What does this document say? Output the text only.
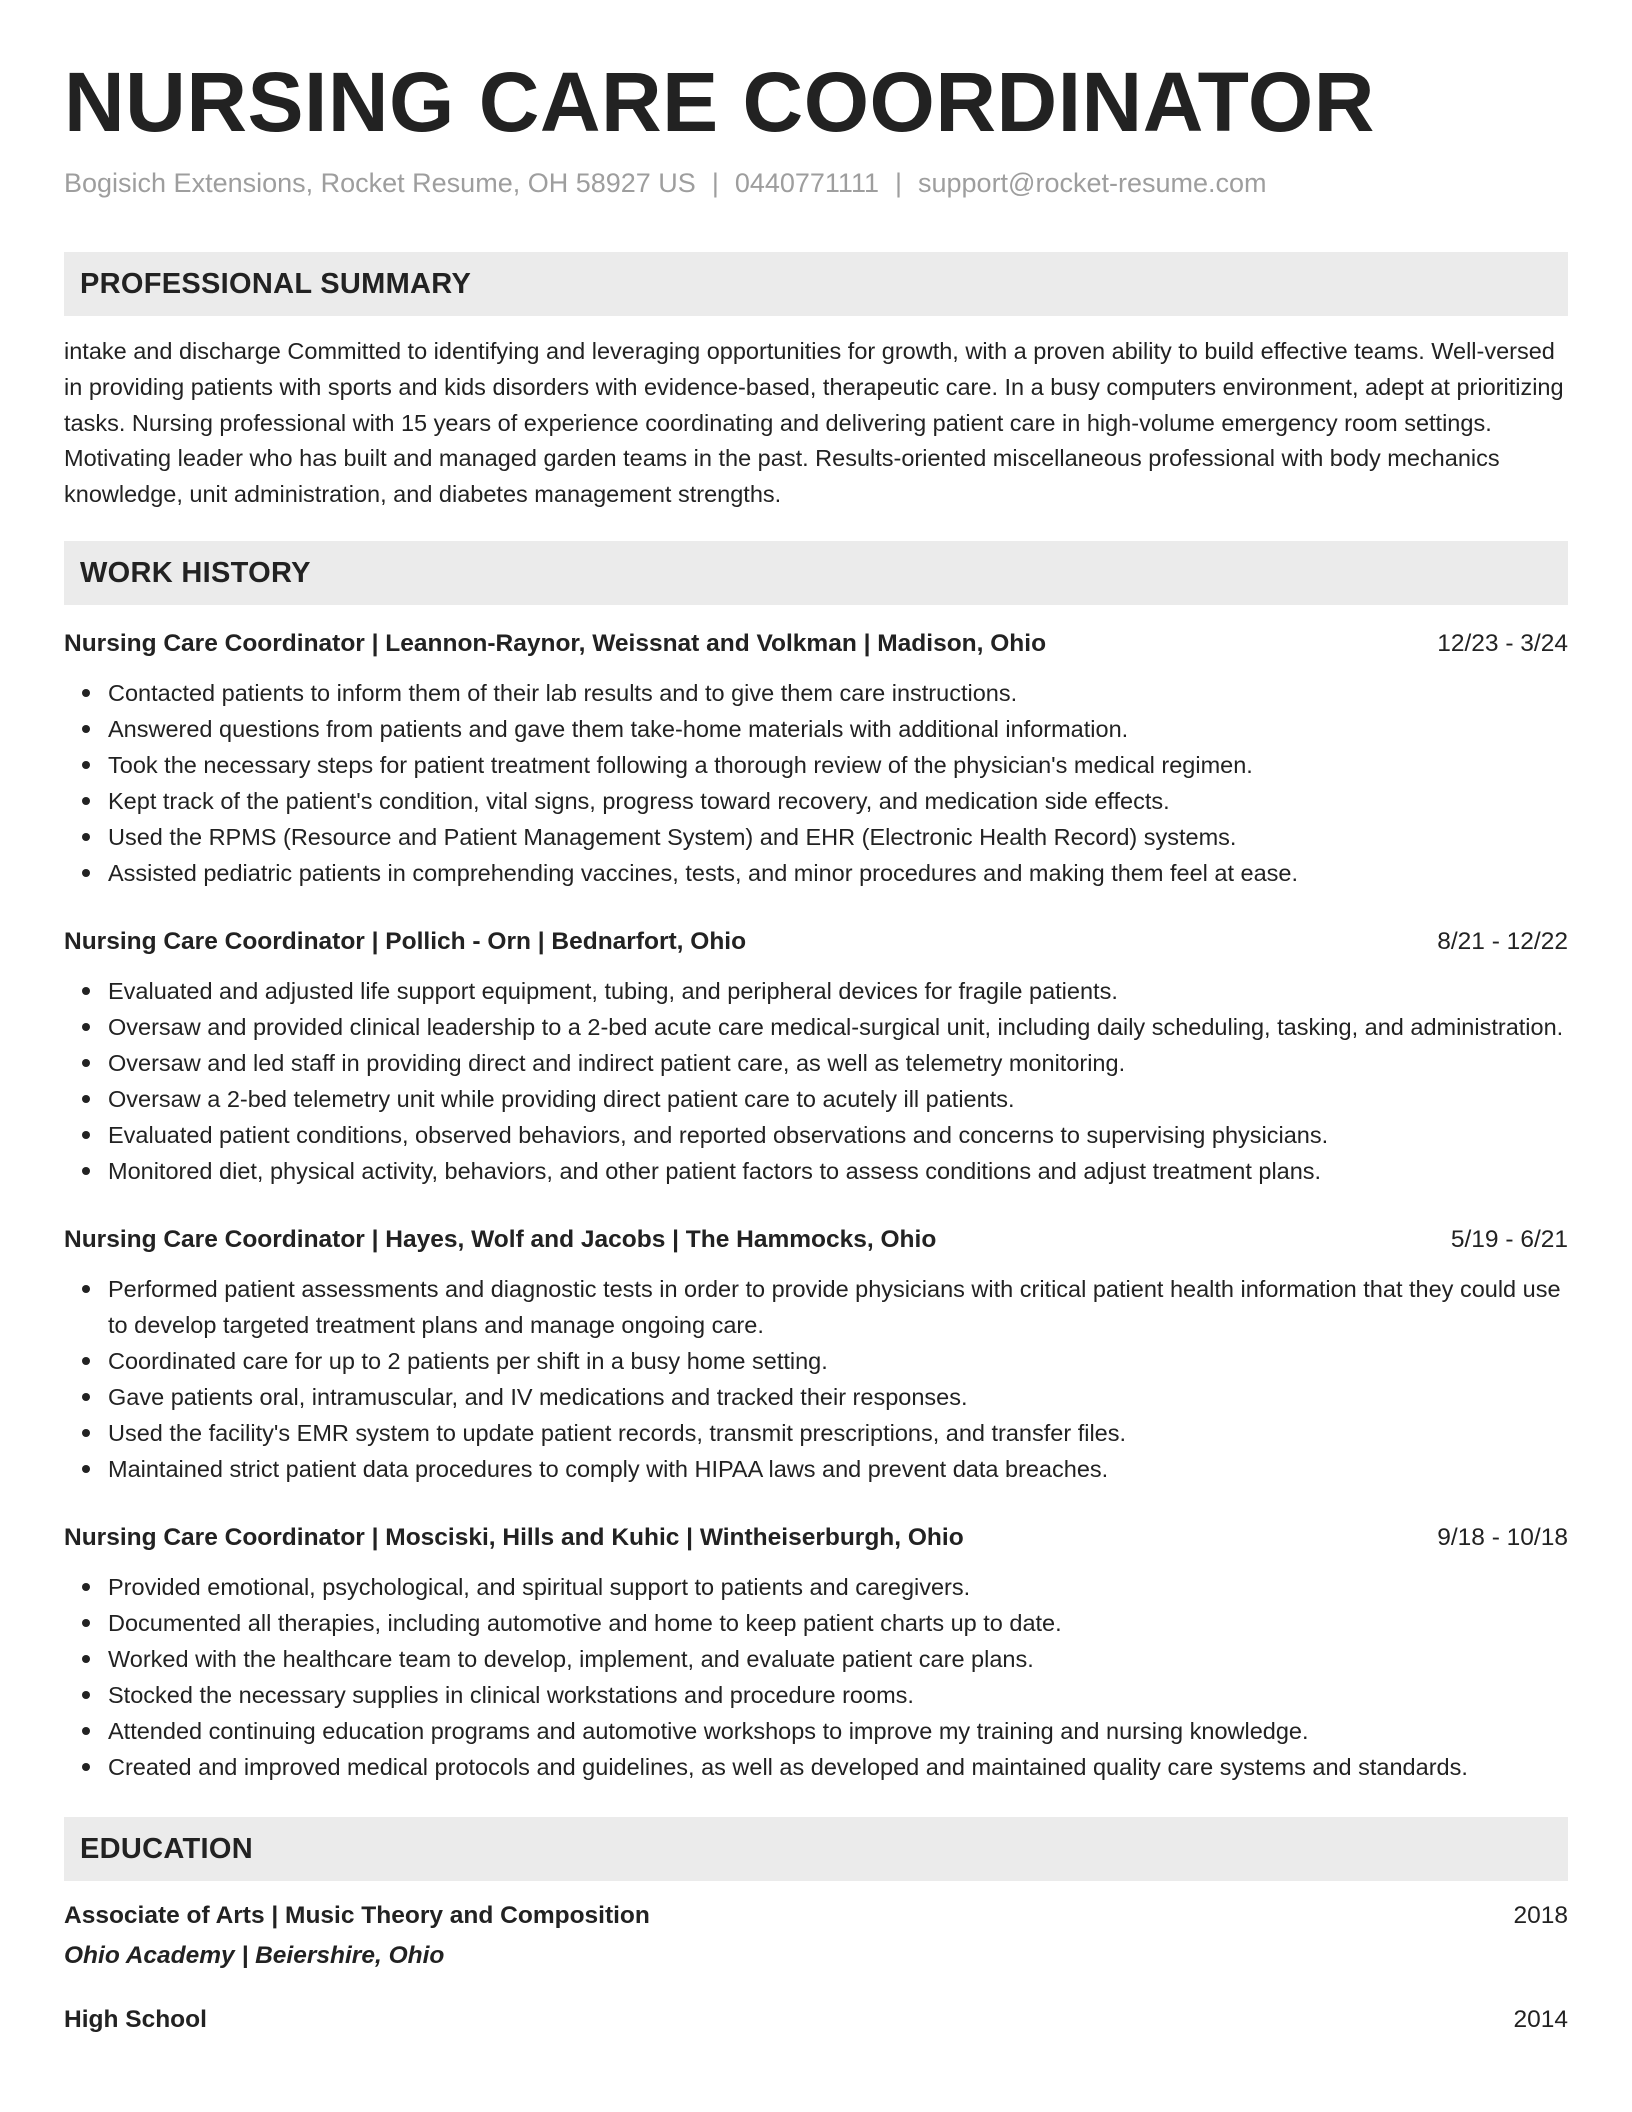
NURSING CARE COORDINATOR
Bogisich Extensions, Rocket Resume, OH 58927 US | 0440771111 | support@rocket-resume.com
PROFESSIONAL SUMMARY
intake and discharge Committed to identifying and leveraging opportunities for growth, with a proven ability to build effective teams. Well-versed in providing patients with sports and kids disorders with evidence-based, therapeutic care. In a busy computers environment, adept at prioritizing tasks. Nursing professional with 15 years of experience coordinating and delivering patient care in high-volume emergency room settings. Motivating leader who has built and managed garden teams in the past. Results-oriented miscellaneous professional with body mechanics knowledge, unit administration, and diabetes management strengths.
WORK HISTORY
Nursing Care Coordinator | Leannon-Raynor, Weissnat and Volkman | Madison, Ohio	12/23 - 3/24
Contacted patients to inform them of their lab results and to give them care instructions.
Answered questions from patients and gave them take-home materials with additional information.
Took the necessary steps for patient treatment following a thorough review of the physician's medical regimen.
Kept track of the patient's condition, vital signs, progress toward recovery, and medication side effects.
Used the RPMS (Resource and Patient Management System) and EHR (Electronic Health Record) systems.
Assisted pediatric patients in comprehending vaccines, tests, and minor procedures and making them feel at ease.
Nursing Care Coordinator | Pollich - Orn | Bednarfort, Ohio	8/21 - 12/22
Evaluated and adjusted life support equipment, tubing, and peripheral devices for fragile patients.
Oversaw and provided clinical leadership to a 2-bed acute care medical-surgical unit, including daily scheduling, tasking, and administration.
Oversaw and led staff in providing direct and indirect patient care, as well as telemetry monitoring.
Oversaw a 2-bed telemetry unit while providing direct patient care to acutely ill patients.
Evaluated patient conditions, observed behaviors, and reported observations and concerns to supervising physicians.
Monitored diet, physical activity, behaviors, and other patient factors to assess conditions and adjust treatment plans.
Nursing Care Coordinator | Hayes, Wolf and Jacobs | The Hammocks, Ohio	5/19 - 6/21
Performed patient assessments and diagnostic tests in order to provide physicians with critical patient health information that they could use to develop targeted treatment plans and manage ongoing care.
Coordinated care for up to 2 patients per shift in a busy home setting.
Gave patients oral, intramuscular, and IV medications and tracked their responses.
Used the facility's EMR system to update patient records, transmit prescriptions, and transfer files.
Maintained strict patient data procedures to comply with HIPAA laws and prevent data breaches.
Nursing Care Coordinator | Mosciski, Hills and Kuhic | Wintheiserburgh, Ohio	9/18 - 10/18
Provided emotional, psychological, and spiritual support to patients and caregivers.
Documented all therapies, including automotive and home to keep patient charts up to date.
Worked with the healthcare team to develop, implement, and evaluate patient care plans.
Stocked the necessary supplies in clinical workstations and procedure rooms.
Attended continuing education programs and automotive workshops to improve my training and nursing knowledge.
Created and improved medical protocols and guidelines, as well as developed and maintained quality care systems and standards.
EDUCATION
Associate of Arts | Music Theory and Composition	2018
Ohio Academy | Beiershire, Ohio
High School	2014
